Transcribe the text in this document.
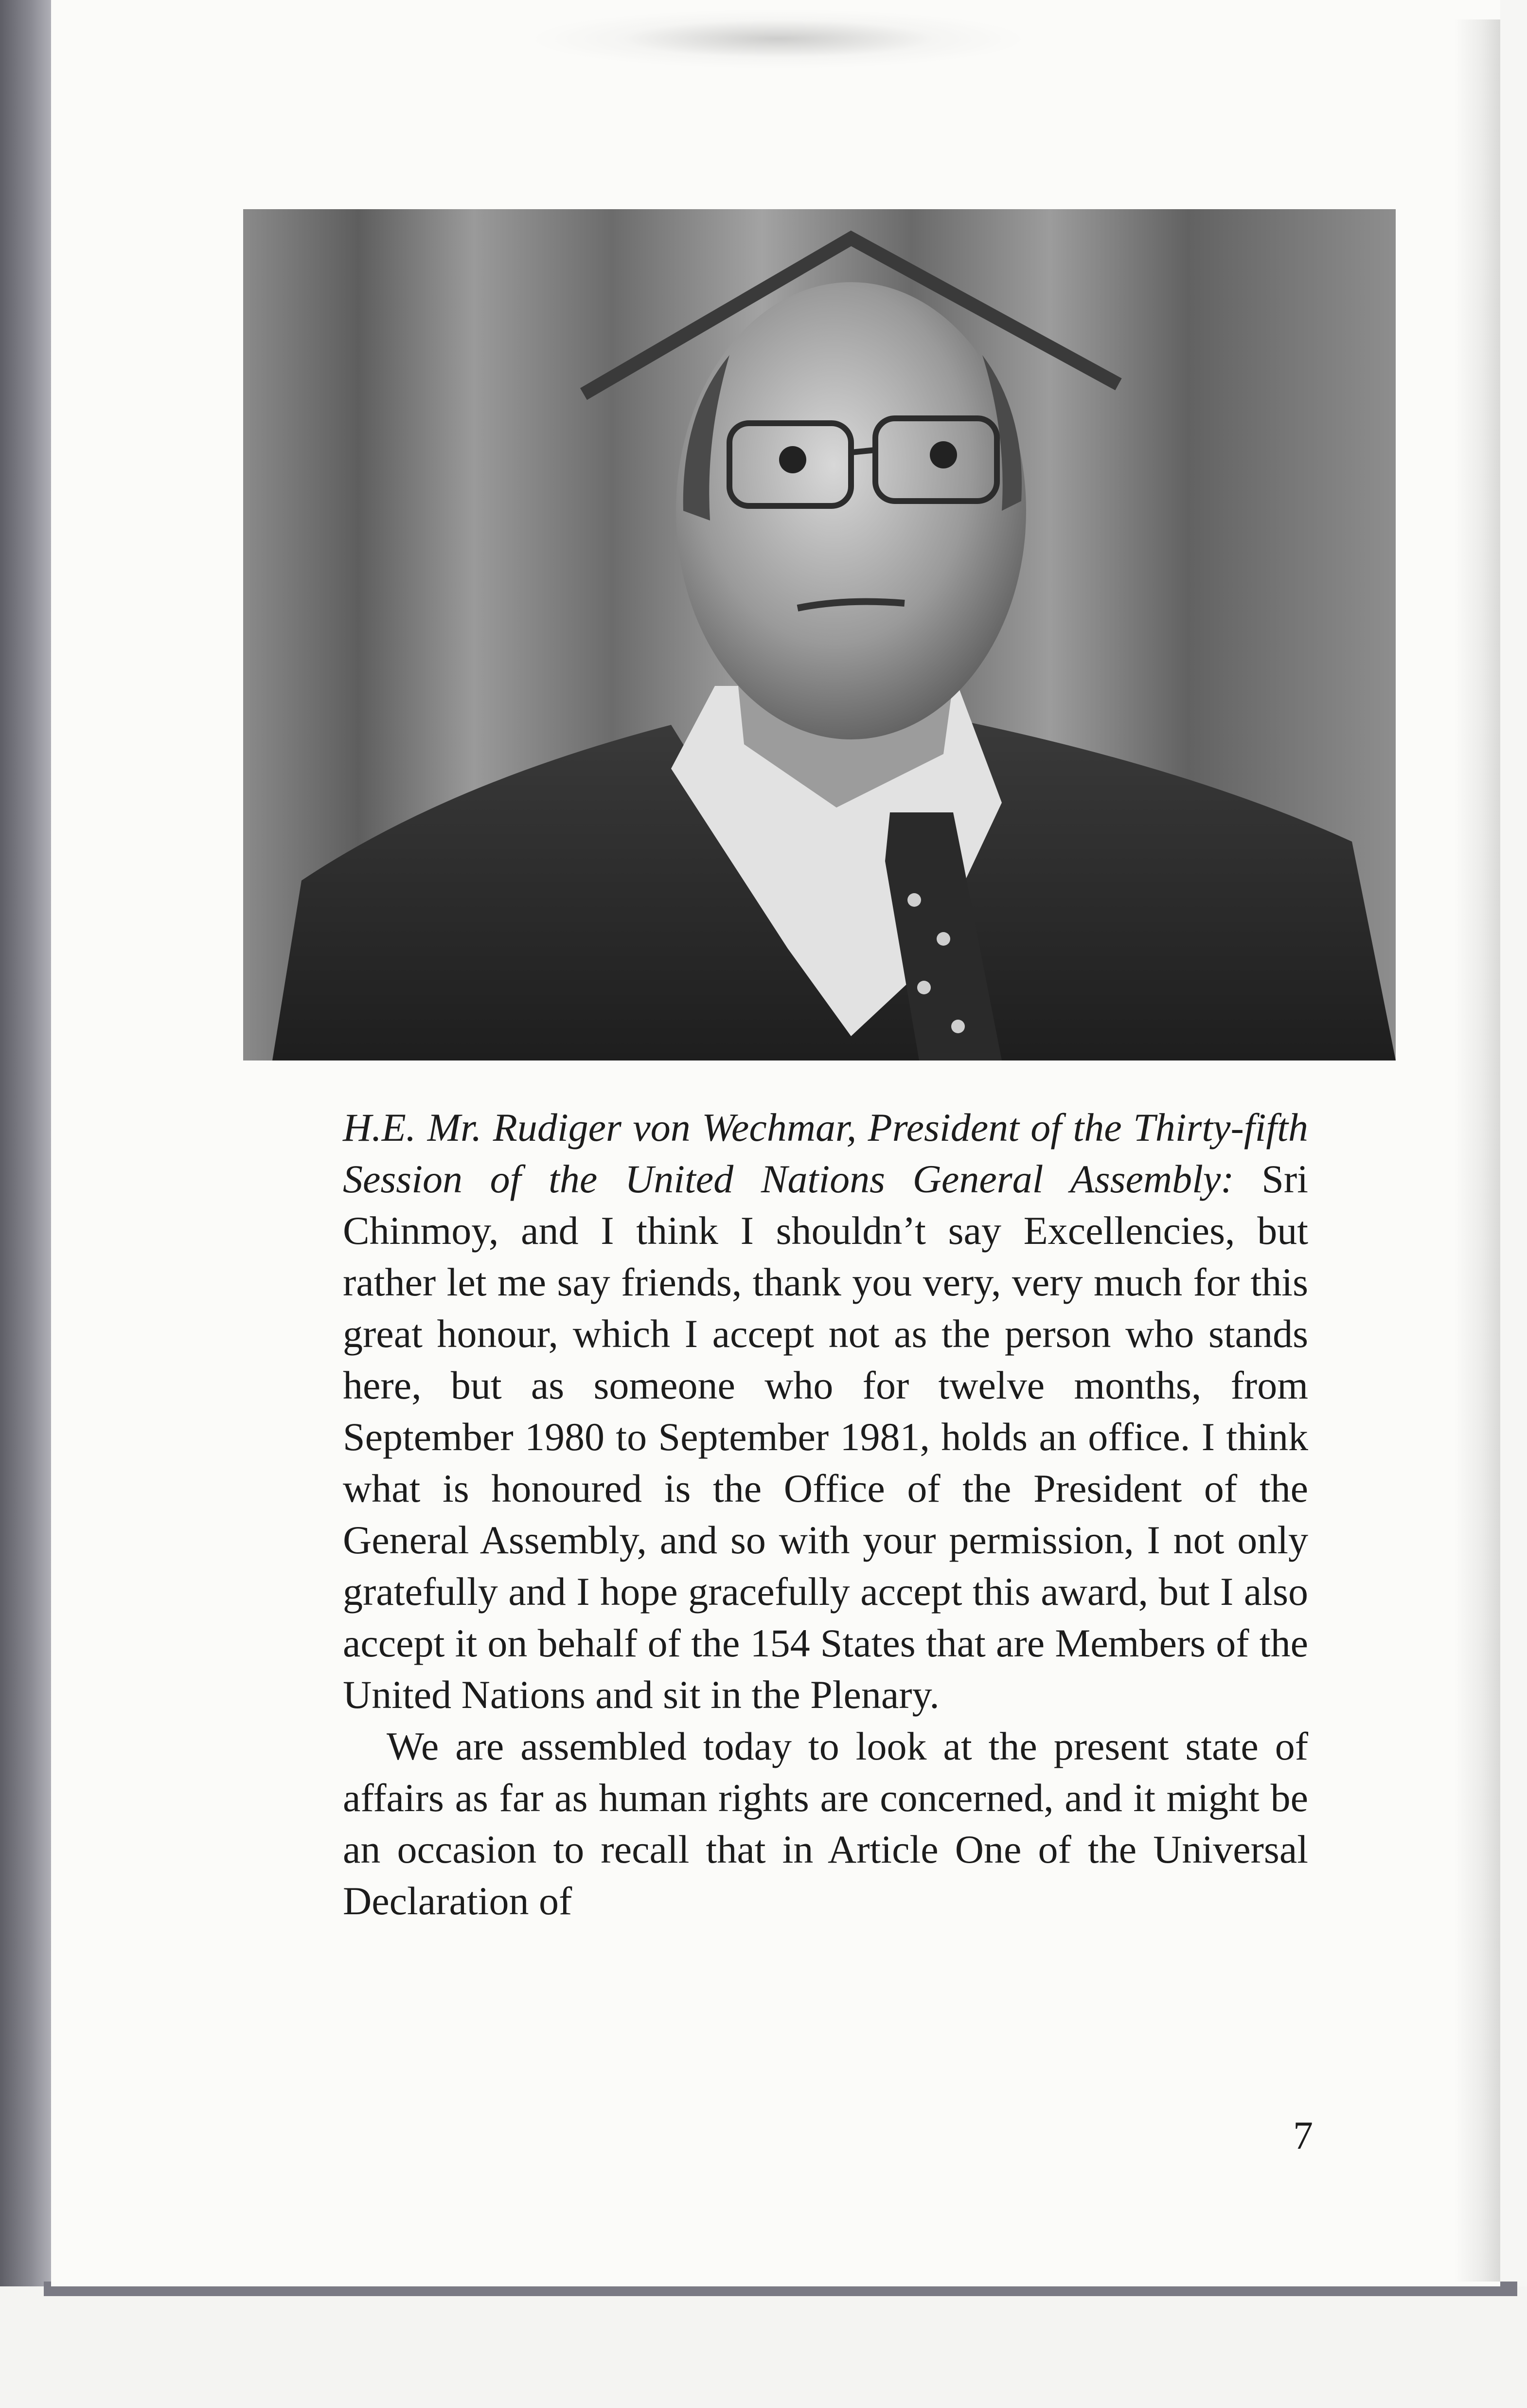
H.E. Mr. Rudiger von Wechmar, President of the Thirty-fifth Session of the United Nations General Assembly: Sri Chinmoy, and I think I shouldn’t say Excellencies, but rather let me say friends, thank you very, very much for this great honour, which I accept not as the person who stands here, but as someone who for twelve months, from September 1980 to September 1981, holds an office. I think what is honoured is the Office of the President of the General Assembly, and so with your permission, I not only gratefully and I hope gracefully accept this award, but I also accept it on behalf of the 154 States that are Members of the United Nations and sit in the Plenary.

We are assembled today to look at the present state of affairs as far as human rights are concerned, and it might be an occasion to recall that in Article One of the Universal Declaration of

7
